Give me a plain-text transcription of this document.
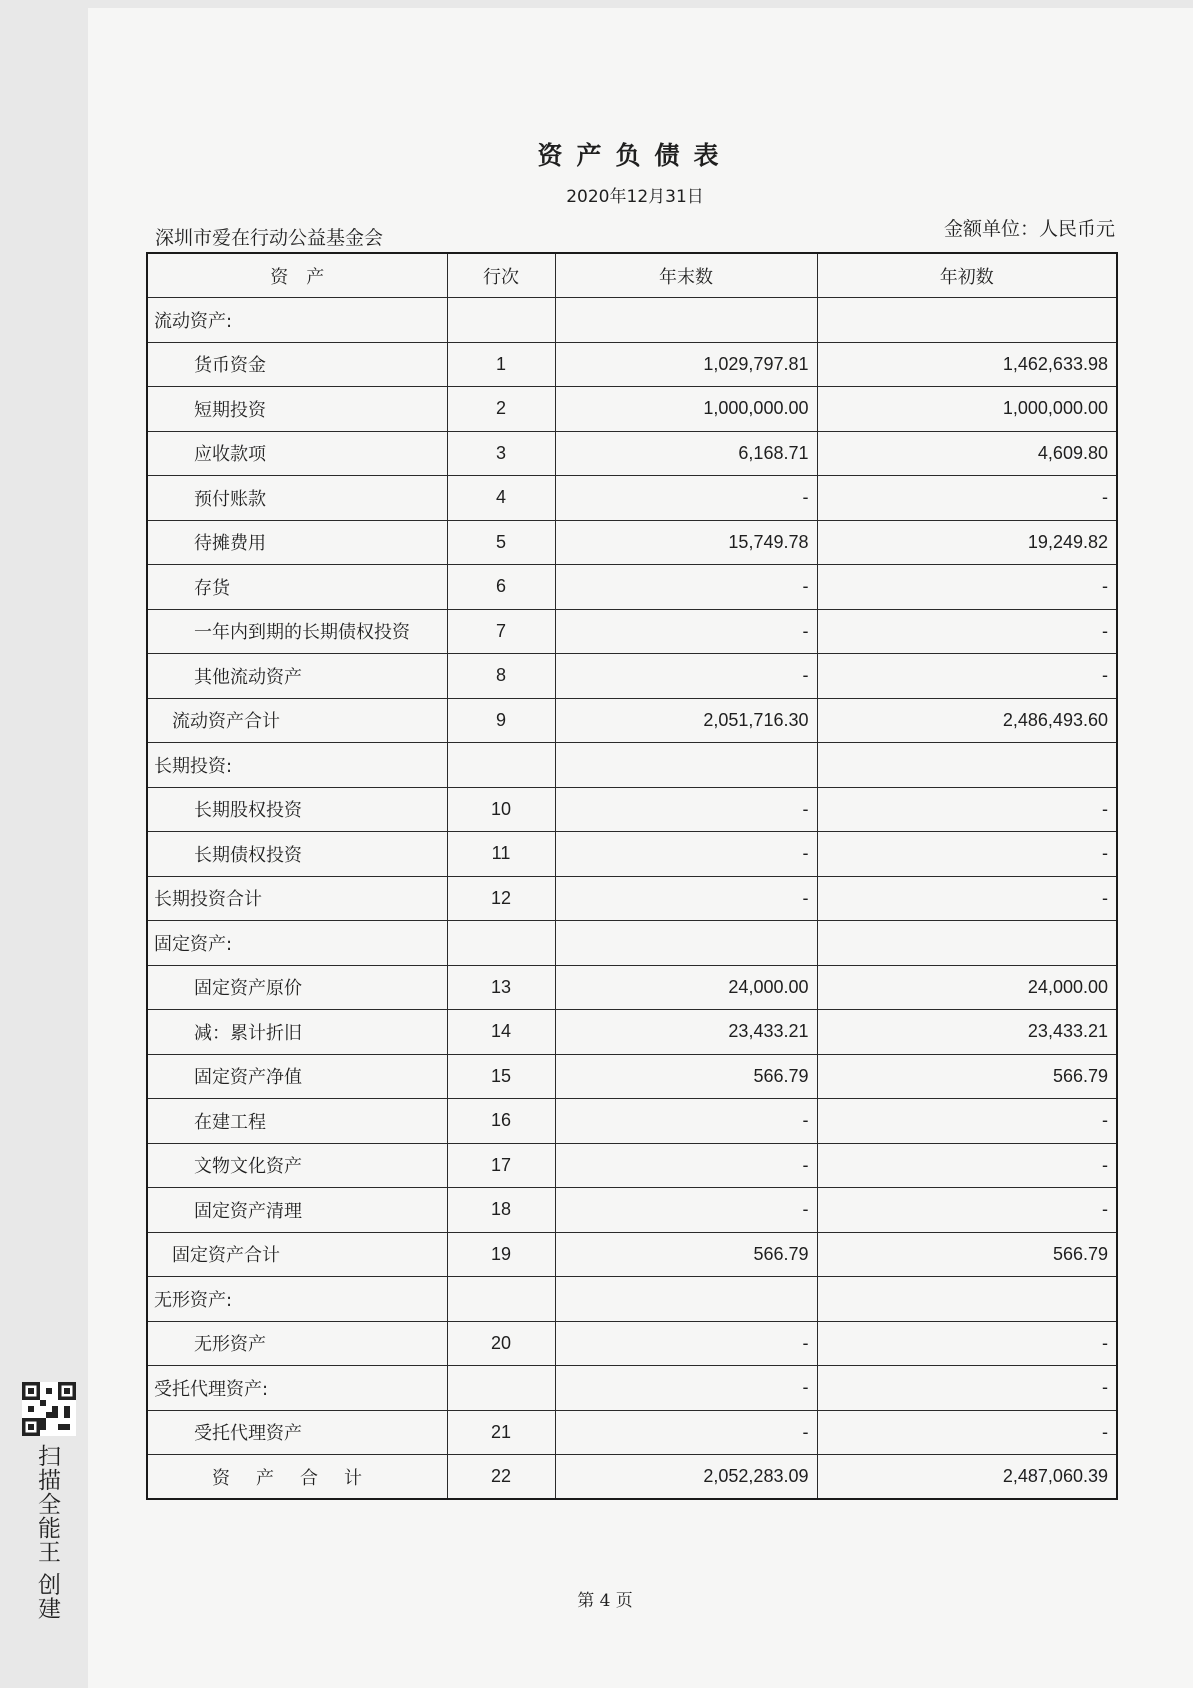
资产负债表
2020年12月31日
深圳市爱在行动公益基金会	金额单位：人民币元
资　产	行次	年末数	年初数
流动资产:			
货币资金	1	1,029,797.81	1,462,633.98
短期投资	2	1,000,000.00	1,000,000.00
应收款项	3	6,168.71	4,609.80
预付账款	4	-	-
待摊费用	5	15,749.78	19,249.82
存货	6	-	-
一年内到期的长期债权投资	7	-	-
其他流动资产	8	-	-
流动资产合计	9	2,051,716.30	2,486,493.60
长期投资:			
长期股权投资	10	-	-
长期债权投资	11	-	-
长期投资合计	12	-	-
固定资产:			
固定资产原价	13	24,000.00	24,000.00
减：累计折旧	14	23,433.21	23,433.21
固定资产净值	15	566.79	566.79
在建工程	16	-	-
文物文化资产	17	-	-
固定资产清理	18	-	-
固定资产合计	19	566.79	566.79
无形资产:			
无形资产	20	-	-
受托代理资产:		-	-
受托代理资产	21	-	-
资产合计	22	2,052,283.09	2,487,060.39
第 4 页
扫描全能王 创建
